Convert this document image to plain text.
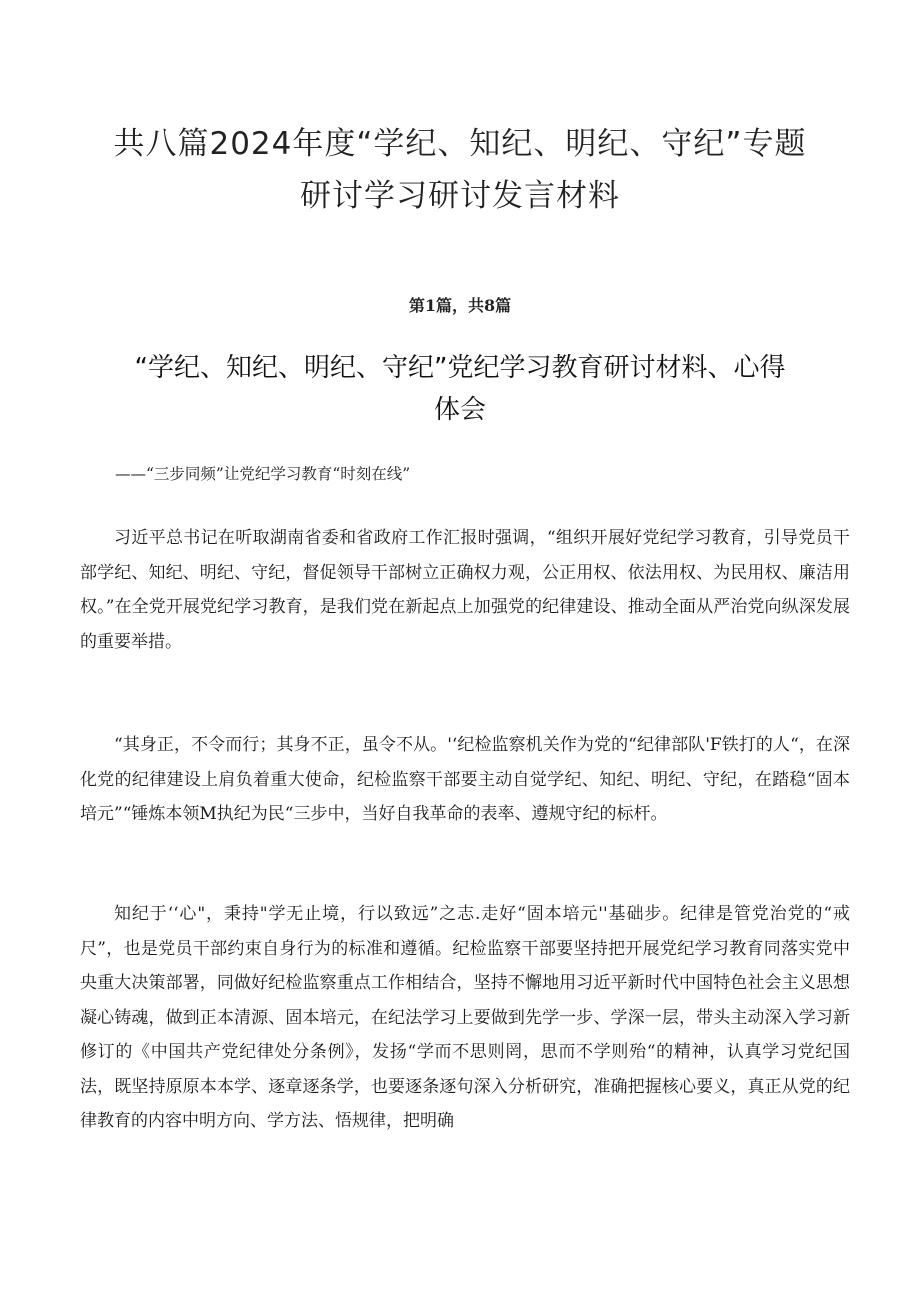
共八篇2024年度“学纪、知纪、明纪、守纪”专题
研讨学习研讨发言材料
第1篇，共8篇
“学纪、知纪、明纪、守纪”党纪学习教育研讨材料、心得
体会
——“三步同频”让党纪学习教育“时刻在线”

习近平总书记在听取湖南省委和省政府工作汇报时强调，“组织开展好党纪学习教育，引导党员干部学纪、知纪、明纪、守纪，督促领导干部树立正确权力观，公正用权、依法用权、为民用权、廉洁用权。”在全党开展党纪学习教育，是我们党在新起点上加强党的纪律建设、推动全面从严治党向纵深发展的重要举措。

“其身正，不令而行；其身不正，虽令不从。'‘纪检监察机关作为党的“纪律部队'F铁打的人“，在深化党的纪律建设上肩负着重大使命，纪检监察干部要主动自觉学纪、知纪、明纪、守纪，在踏稳“固本培元”“锤炼本领M执纪为民“三步中，当好自我革命的表率、遵规守纪的标杆。

知纪于‘‘心"，秉持"学无止境，行以致远”之志.走好“固本培元''基础步。纪律是管党治党的“戒尺”，也是党员干部约束自身行为的标准和遵循。纪检监察干部要坚持把开展党纪学习教育同落实党中央重大决策部署，同做好纪检监察重点工作相结合，坚持不懈地用习近平新时代中国特色社会主义思想凝心铸魂，做到正本清源、固本培元，在纪法学习上要做到先学一步、学深一层，带头主动深入学习新修订的《中国共产党纪律处分条例》，发扬“学而不思则罔，思而不学则殆“的精神，认真学习党纪国法，既坚持原原本本学、逐章逐条学，也要逐条逐句深入分析研究，准确把握核心要义，真正从党的纪律教育的内容中明方向、学方法、悟规律，把明确
